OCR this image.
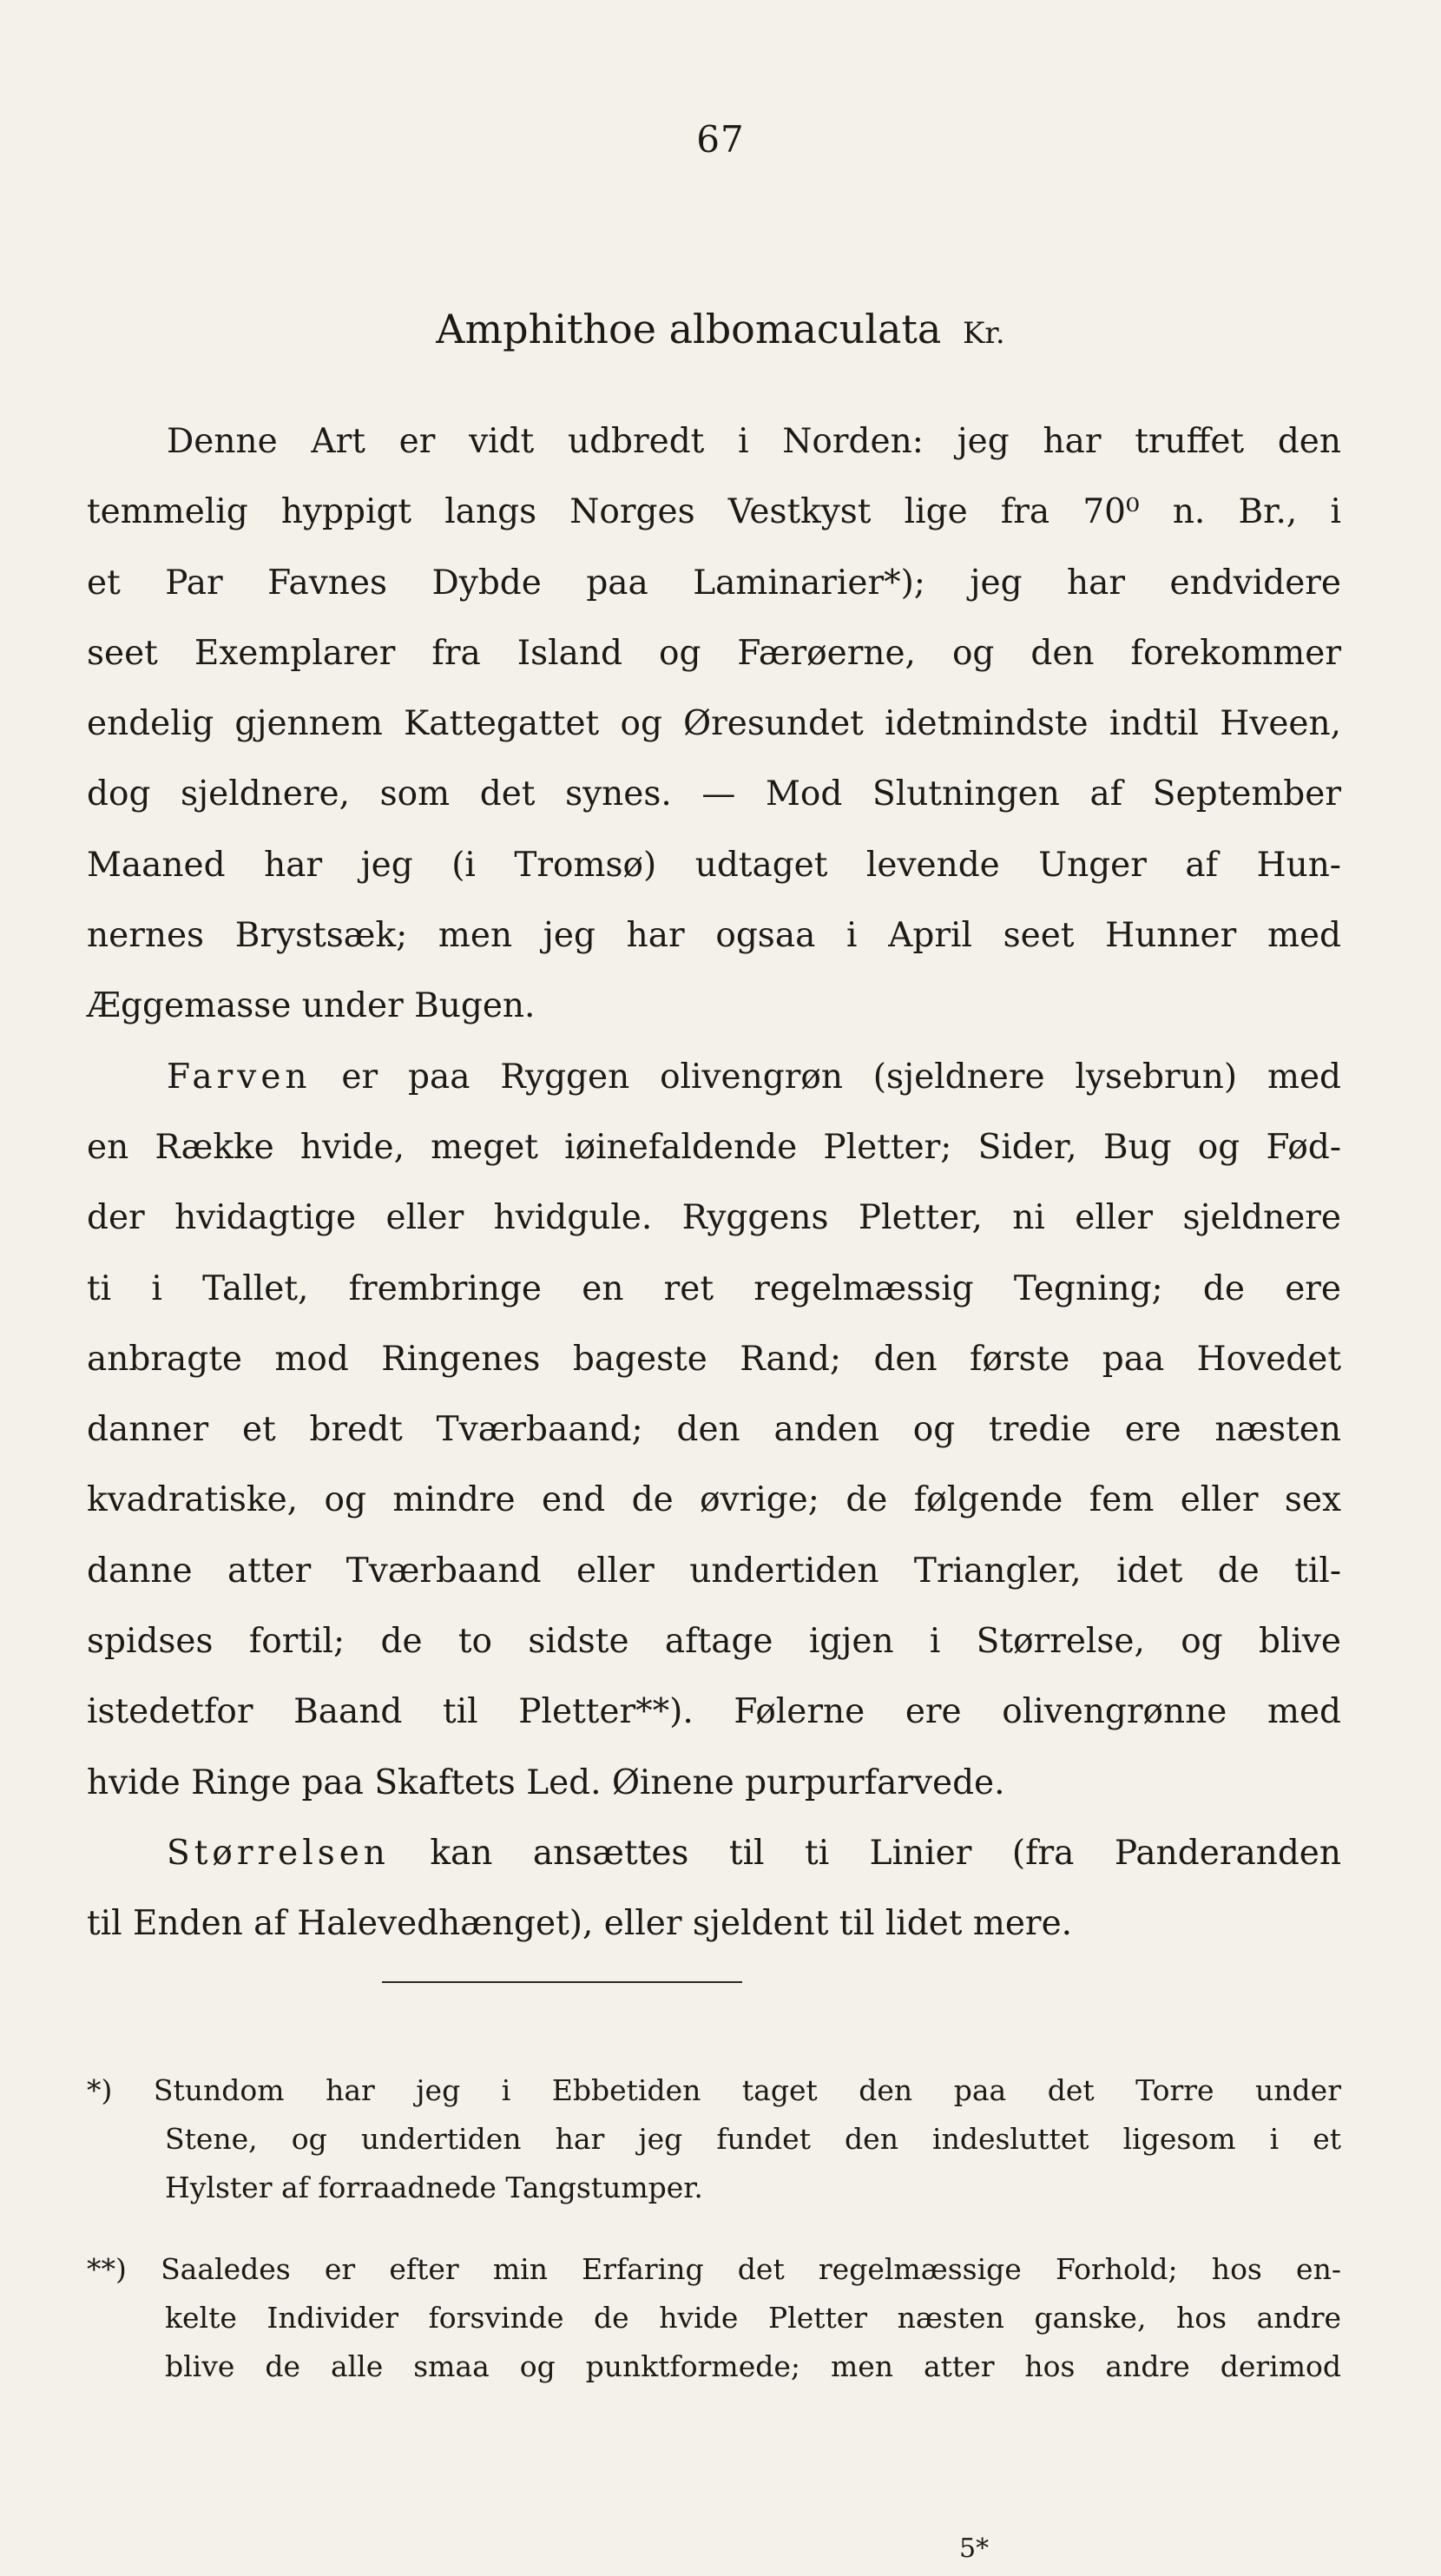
67
Amphithoe albomaculata Kr.
Denne Art er vidt udbredt i Norden: jeg har truffet den
temmelig hyppigt langs Norges Vestkyst lige fra 70⁰ n. Br., i
et Par Favnes Dybde paa Laminarier*); jeg har endvidere
seet Exemplarer fra Island og Færøerne, og den forekommer
endelig gjennem Kattegattet og Øresundet idetmindste indtil Hveen,
dog sjeldnere, som det synes. — Mod Slutningen af September
Maaned har jeg (i Tromsø) udtaget levende Unger af Hun-
nernes Brystsæk; men jeg har ogsaa i April seet Hunner med
Æggemasse under Bugen.
Farven er paa Ryggen olivengrøn (sjeldnere lysebrun) med
en Række hvide, meget iøinefaldende Pletter; Sider, Bug og Fød-
der hvidagtige eller hvidgule. Ryggens Pletter, ni eller sjeldnere
ti i Tallet, frembringe en ret regelmæssig Tegning; de ere
anbragte mod Ringenes bageste Rand; den første paa Hovedet
danner et bredt Tværbaand; den anden og tredie ere næsten
kvadratiske, og mindre end de øvrige; de følgende fem eller sex
danne atter Tværbaand eller undertiden Triangler, idet de til-
spidses fortil; de to sidste aftage igjen i Størrelse, og blive
istedetfor Baand til Pletter**). Følerne ere olivengrønne med
hvide Ringe paa Skaftets Led. Øinene purpurfarvede.
Størrelsen kan ansættes til ti Linier (fra Panderanden
til Enden af Halevedhænget), eller sjeldent til lidet mere.
*) Stundom har jeg i Ebbetiden taget den paa det Torre under
Stene, og undertiden har jeg fundet den indesluttet ligesom i et
Hylster af forraadnede Tangstumper.
**) Saaledes er efter min Erfaring det regelmæssige Forhold; hos en-
kelte Individer forsvinde de hvide Pletter næsten ganske, hos andre
blive de alle smaa og punktformede; men atter hos andre derimod
5*
